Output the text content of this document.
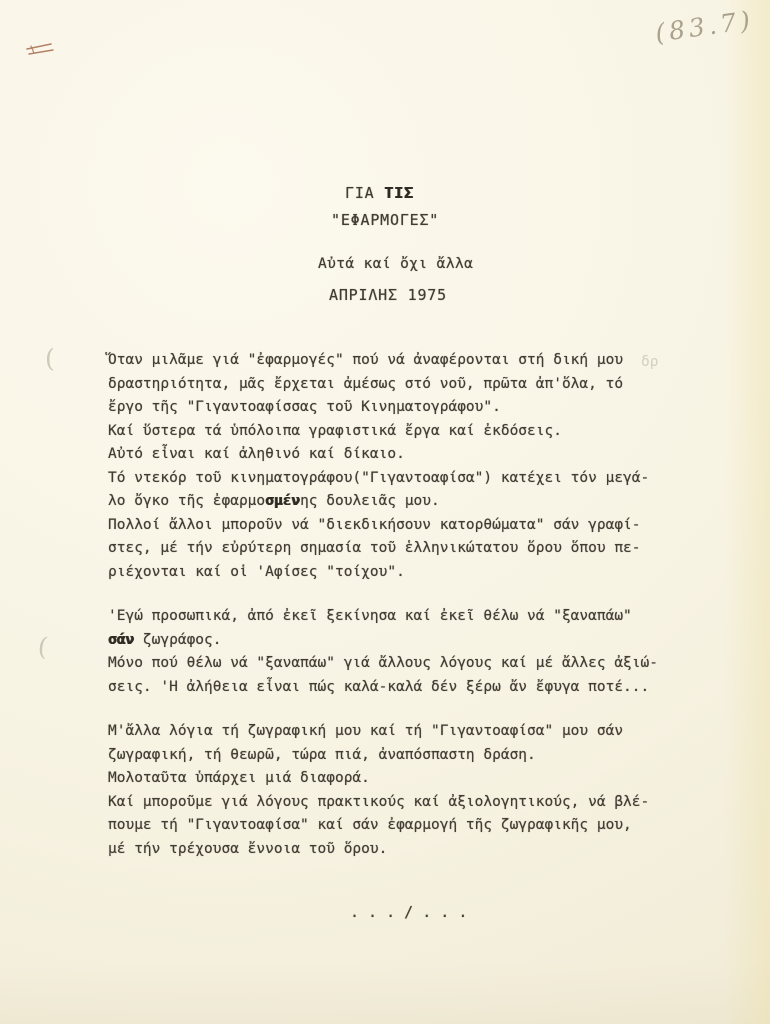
(83.7)
(
(
ΓΙΑ ΤΙΣ
"ΕΦΑΡΜΟΓΕΣ"
Αὐτά καί ὄχι ἄλλα
ΑΠΡΙΛΗΣ 1975
δρ
Ὅταν μιλᾶμε γιά "ἐφαρμογές" πού νά ἀναφέρονται στή δική μου
δραστηριότητα, μᾶς ἔρχεται ἀμέσως στό νοῦ, πρῶτα ἀπ'ὅλα, τό
ἔργο τῆς "Γιγαντοαφίσσας τοῦ Κινηματογράφου".
Καί ὕστερα τά ὑπόλοιπα γραφιστικά ἔργα καί ἐκδόσεις.
Αὐτό εἶναι καί ἀληθινό καί δίκαιο.
Τό ντεκόρ τοῦ κινηματογράφου("Γιγαντοαφίσα") κατέχει τόν μεγά-
λο ὄγκο τῆς ἐφαρμοσμένης δουλειᾶς μου.
Πολλοί ἄλλοι μποροῦν νά "διεκδικήσουν κατορθώματα" σάν γραφί-
στες, μέ τήν εὐρύτερη σημασία τοῦ ἑλληνικώτατου ὅρου ὅπου πε-
ριέχονται καί οἱ 'Αφίσες "τοίχου".
'Εγώ προσωπικά, ἀπό ἐκεῖ ξεκίνησα καί ἐκεῖ θέλω νά "ξαναπάω"
σάν ζωγράφος.
Μόνο πού θέλω νά "ξαναπάω" γιά ἄλλους λόγους καί μέ ἄλλες ἀξιώ-
σεις. 'Η ἀλήθεια εἶναι πώς καλά-καλά δέν ξέρω ἄν ἔφυγα ποτέ...
Μ'ἄλλα λόγια τή ζωγραφική μου καί τή "Γιγαντοαφίσα" μου σάν
ζωγραφική, τή θεωρῶ, τώρα πιά, ἀναπόσπαστη δράση.
Μολοταῦτα ὑπάρχει μιά διαφορά.
Καί μποροῦμε γιά λόγους πρακτικούς καί ἀξιολογητικούς, νά βλέ-
πουμε τή "Γιγαντοαφίσα" καί σάν ἐφαρμογή τῆς ζωγραφικῆς μου,
μέ τήν τρέχουσα ἔννοια τοῦ ὅρου.
. . . / . . .
